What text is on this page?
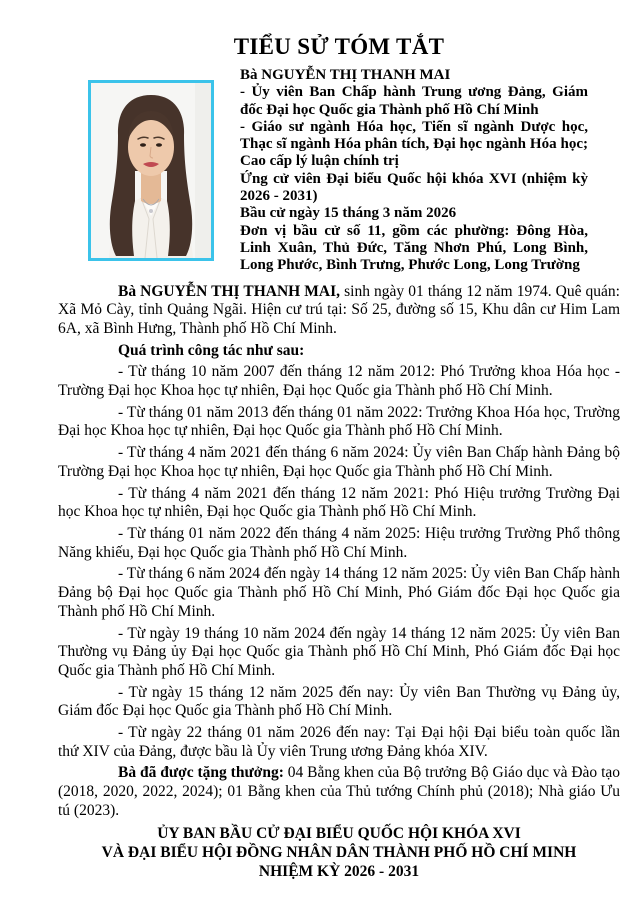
TIỂU SỬ TÓM TẮT

Bà NGUYỄN THỊ THANH MAI

- Ủy viên Ban Chấp hành Trung ương Đảng, Giám đốc Đại học Quốc gia Thành phố Hồ Chí Minh

- Giáo sư ngành Hóa học, Tiến sĩ ngành Dược học, Thạc sĩ ngành Hóa phân tích, Đại học ngành Hóa học; Cao cấp lý luận chính trị

Ứng cử viên Đại biểu Quốc hội khóa XVI (nhiệm kỳ 2026 - 2031)

Bầu cử ngày 15 tháng 3 năm 2026

Đơn vị bầu cử số 11, gồm các phường: Đông Hòa, Linh Xuân, Thủ Đức, Tăng Nhơn Phú, Long Bình, Long Phước, Bình Trưng, Phước Long, Long Trường

Bà NGUYỄN THỊ THANH MAI, sinh ngày 01 tháng 12 năm 1974. Quê quán: Xã Mỏ Cày, tỉnh Quảng Ngãi. Hiện cư trú tại: Số 25, đường số 15, Khu dân cư Him Lam 6A, xã Bình Hưng, Thành phố Hồ Chí Minh.

Quá trình công tác như sau:

- Từ tháng 10 năm 2007 đến tháng 12 năm 2012: Phó Trưởng khoa Hóa học - Trường Đại học Khoa học tự nhiên, Đại học Quốc gia Thành phố Hồ Chí Minh.

- Từ tháng 01 năm 2013 đến tháng 01 năm 2022: Trưởng Khoa Hóa học, Trường Đại học Khoa học tự nhiên, Đại học Quốc gia Thành phố Hồ Chí Minh.

- Từ tháng 4 năm 2021 đến tháng 6 năm 2024: Ủy viên Ban Chấp hành Đảng bộ Trường Đại học Khoa học tự nhiên, Đại học Quốc gia Thành phố Hồ Chí Minh.

- Từ tháng 4 năm 2021 đến tháng 12 năm 2021: Phó Hiệu trưởng Trường Đại học Khoa học tự nhiên, Đại học Quốc gia Thành phố Hồ Chí Minh.

- Từ tháng 01 năm 2022 đến tháng 4 năm 2025: Hiệu trưởng Trường Phổ thông Năng khiếu, Đại học Quốc gia Thành phố Hồ Chí Minh.

- Từ tháng 6 năm 2024 đến ngày 14 tháng 12 năm 2025: Ủy viên Ban Chấp hành Đảng bộ Đại học Quốc gia Thành phố Hồ Chí Minh, Phó Giám đốc Đại học Quốc gia Thành phố Hồ Chí Minh.

- Từ ngày 19 tháng 10 năm 2024 đến ngày 14 tháng 12 năm 2025: Ủy viên Ban Thường vụ Đảng ủy Đại học Quốc gia Thành phố Hồ Chí Minh, Phó Giám đốc Đại học Quốc gia Thành phố Hồ Chí Minh.

- Từ ngày 15 tháng 12 năm 2025 đến nay: Ủy viên Ban Thường vụ Đảng ủy, Giám đốc Đại học Quốc gia Thành phố Hồ Chí Minh.

- Từ ngày 22 tháng 01 năm 2026 đến nay: Tại Đại hội Đại biểu toàn quốc lần thứ XIV của Đảng, được bầu là Ủy viên Trung ương Đảng khóa XIV.

Bà đã được tặng thưởng: 04 Bằng khen của Bộ trưởng Bộ Giáo dục và Đào tạo (2018, 2020, 2022, 2024); 01 Bằng khen của Thủ tướng Chính phủ (2018); Nhà giáo Ưu tú (2023).

ỦY BAN BẦU CỬ ĐẠI BIỂU QUỐC HỘI KHÓA XVI

VÀ ĐẠI BIỂU HỘI ĐỒNG NHÂN DÂN THÀNH PHỐ HỒ CHÍ MINH

NHIỆM KỲ 2026 - 2031
